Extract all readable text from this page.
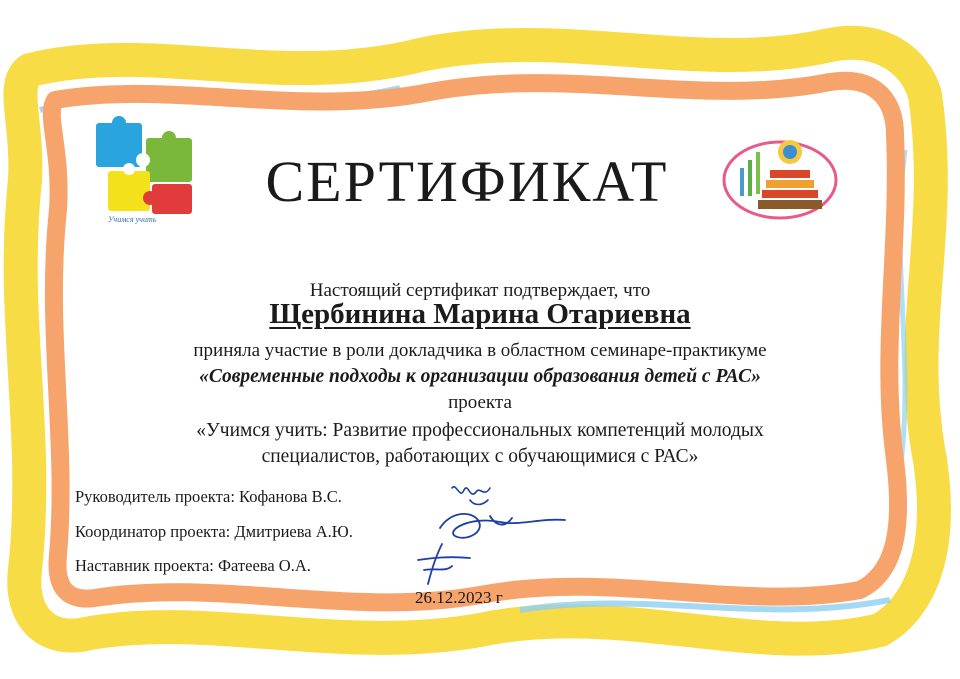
Учимся учить
СЕРТИФИКАТ
Настоящий сертификат подтверждает, что
Щербинина Марина Отариевна
приняла участие в роли докладчика в областном семинаре-практикуме
«Современные подходы к организации образования детей с РАС»
проекта
«Учимся учить: Развитие профессиональных компетенций молодых
специалистов, работающих с обучающимися с РАС»
Руководитель проекта: Кофанова В.С.
Координатор проекта: Дмитриева А.Ю.
Наставник проекта: Фатеева О.А.
26.12.2023 г
